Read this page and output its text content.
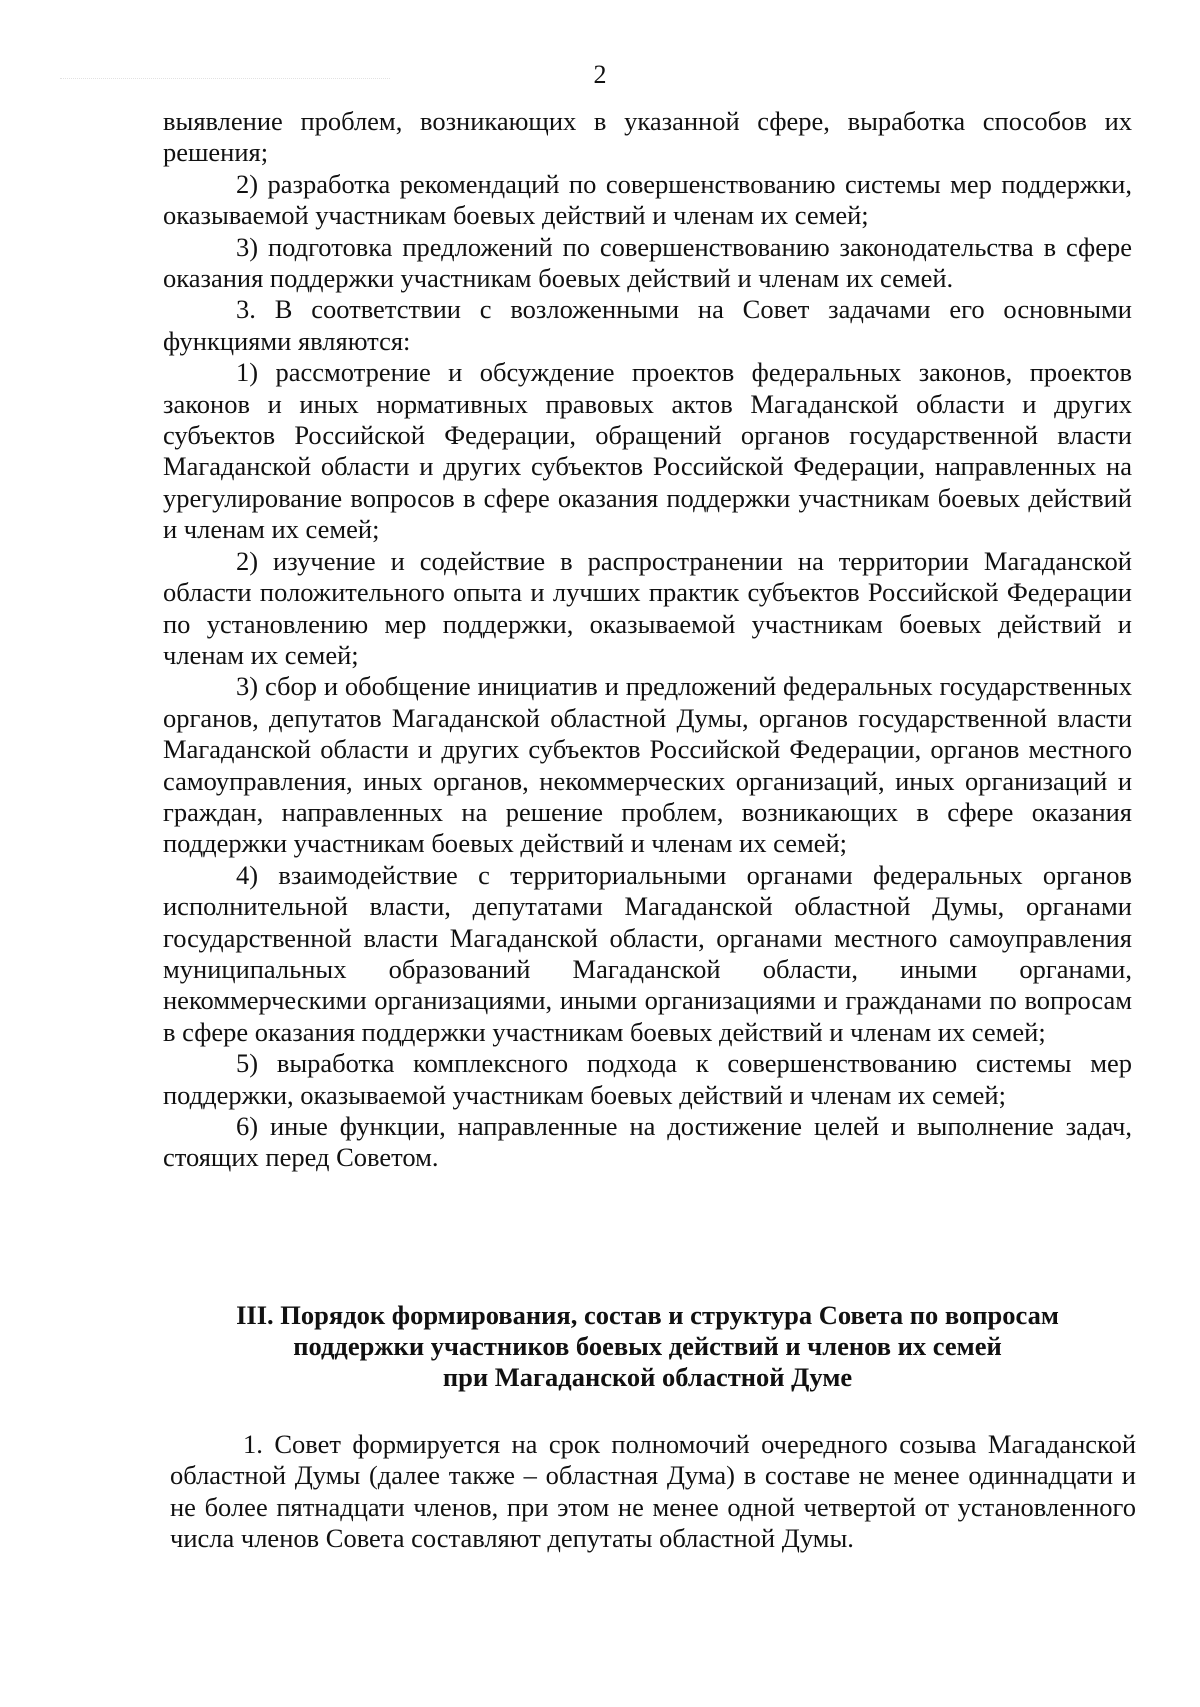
2

выявление проблем, возникающих в указанной сфере, выработка способов их решения;

2) разработка рекомендаций по совершенствованию системы мер поддержки, оказываемой участникам боевых действий и членам их семей;

3) подготовка предложений по совершенствованию законодательства в сфере оказания поддержки участникам боевых действий и членам их семей.

3. В соответствии с возложенными на Совет задачами его основными функциями являются:

1) рассмотрение и обсуждение проектов федеральных законов, проектов законов и иных нормативных правовых актов Магаданской области и других субъектов Российской Федерации, обращений органов государственной власти Магаданской области и других субъектов Российской Федерации, направленных на урегулирование вопросов в сфере оказания поддержки участникам боевых действий и членам их семей;

2) изучение и содействие в распространении на территории Магаданской области положительного опыта и лучших практик субъектов Российской Федерации по установлению мер поддержки, оказываемой участникам боевых действий и членам их семей;

3) сбор и обобщение инициатив и предложений федеральных государственных органов, депутатов Магаданской областной Думы, органов государственной власти Магаданской области и других субъектов Российской Федерации, органов местного самоуправления, иных органов, некоммерческих организаций, иных организаций и граждан, направленных на решение проблем, возникающих в сфере оказания поддержки участникам боевых действий и членам их семей;

4) взаимодействие с территориальными органами федеральных органов исполнительной власти, депутатами Магаданской областной Думы, органами государственной власти Магаданской области, органами местного самоуправления муниципальных образований Магаданской области, иными органами, некоммерческими организациями, иными организациями и гражданами по вопросам в сфере оказания поддержки участникам боевых действий и членам их семей;

5) выработка комплексного подхода к совершенствованию системы мер поддержки, оказываемой участникам боевых действий и членам их семей;

6) иные функции, направленные на достижение целей и выполнение задач, стоящих перед Советом.

III. Порядок формирования, состав и структура Совета по вопросам
поддержки участников боевых действий и членов их семей
при Магаданской областной Думе

1. Совет формируется на срок полномочий очередного созыва Магаданской областной Думы (далее также – областная Дума) в составе не менее одиннадцати и не более пятнадцати членов, при этом не менее одной четвертой от установленного числа членов Совета составляют депутаты областной Думы.
